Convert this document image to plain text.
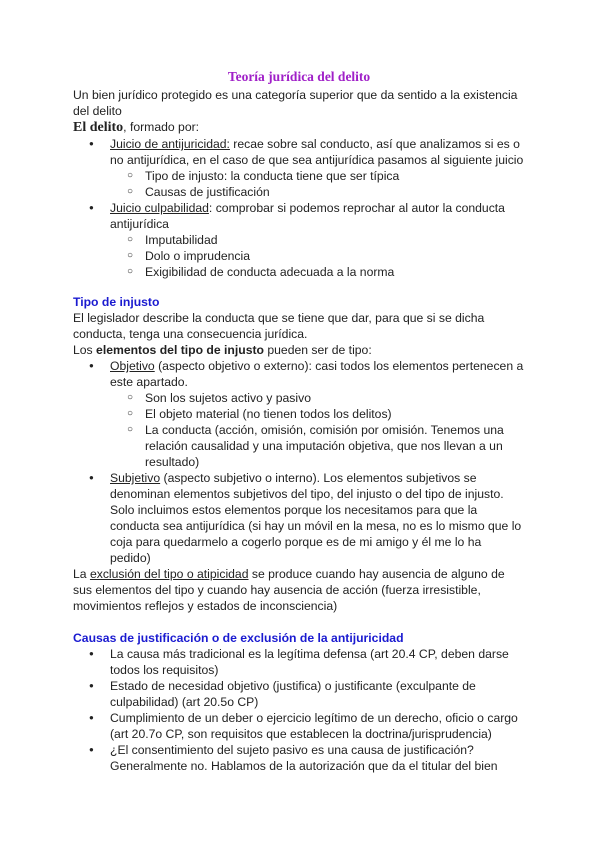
Teoría jurídica del delito

Un bien jurídico protegido es una categoría superior que da sentido a la existencia del delito

El delito, formado por:

● Juicio de antijuricidad: recae sobre sal conducto, así que analizamos si es o no antijurídica, en el caso de que sea antijurídica pasamos al siguiente juicio
○ Tipo de injusto: la conducta tiene que ser típica
○ Causas de justificación
● Juicio culpabilidad: comprobar si podemos reprochar al autor la conducta antijurídica
○ Imputabilidad
○ Dolo o imprudencia
○ Exigibilidad de conducta adecuada a la norma

Tipo de injusto

El legislador describe la conducta que se tiene que dar, para que si se dicha conducta, tenga una consecuencia jurídica.

Los elementos del tipo de injusto pueden ser de tipo:

● Objetivo (aspecto objetivo o externo): casi todos los elementos pertenecen a este apartado.
○ Son los sujetos activo y pasivo
○ El objeto material (no tienen todos los delitos)
○ La conducta (acción, omisión, comisión por omisión. Tenemos una relación causalidad y una imputación objetiva, que nos llevan a un resultado)
● Subjetivo (aspecto subjetivo o interno). Los elementos subjetivos se denominan elementos subjetivos del tipo, del injusto o del tipo de injusto. Solo incluimos estos elementos porque los necesitamos para que la conducta sea antijurídica (si hay un móvil en la mesa, no es lo mismo que lo coja para quedarmelo a cogerlo porque es de mi amigo y él me lo ha pedido)

La exclusión del tipo o atipicidad se produce cuando hay ausencia de alguno de sus elementos del tipo y cuando hay ausencia de acción (fuerza irresistible, movimientos reflejos y estados de inconsciencia)

Causas de justificación o de exclusión de la antijuricidad

● La causa más tradicional es la legítima defensa (art 20.4 CP, deben darse todos los requisitos)
● Estado de necesidad objetivo (justifica) o justificante (exculpante de culpabilidad) (art 20.5o CP)
● Cumplimiento de un deber o ejercicio legítimo de un derecho, oficio o cargo (art 20.7o CP, son requisitos que establecen la doctrina/jurisprudencia)
● ¿El consentimiento del sujeto pasivo es una causa de justificación? Generalmente no. Hablamos de la autorización que da el titular del bien
